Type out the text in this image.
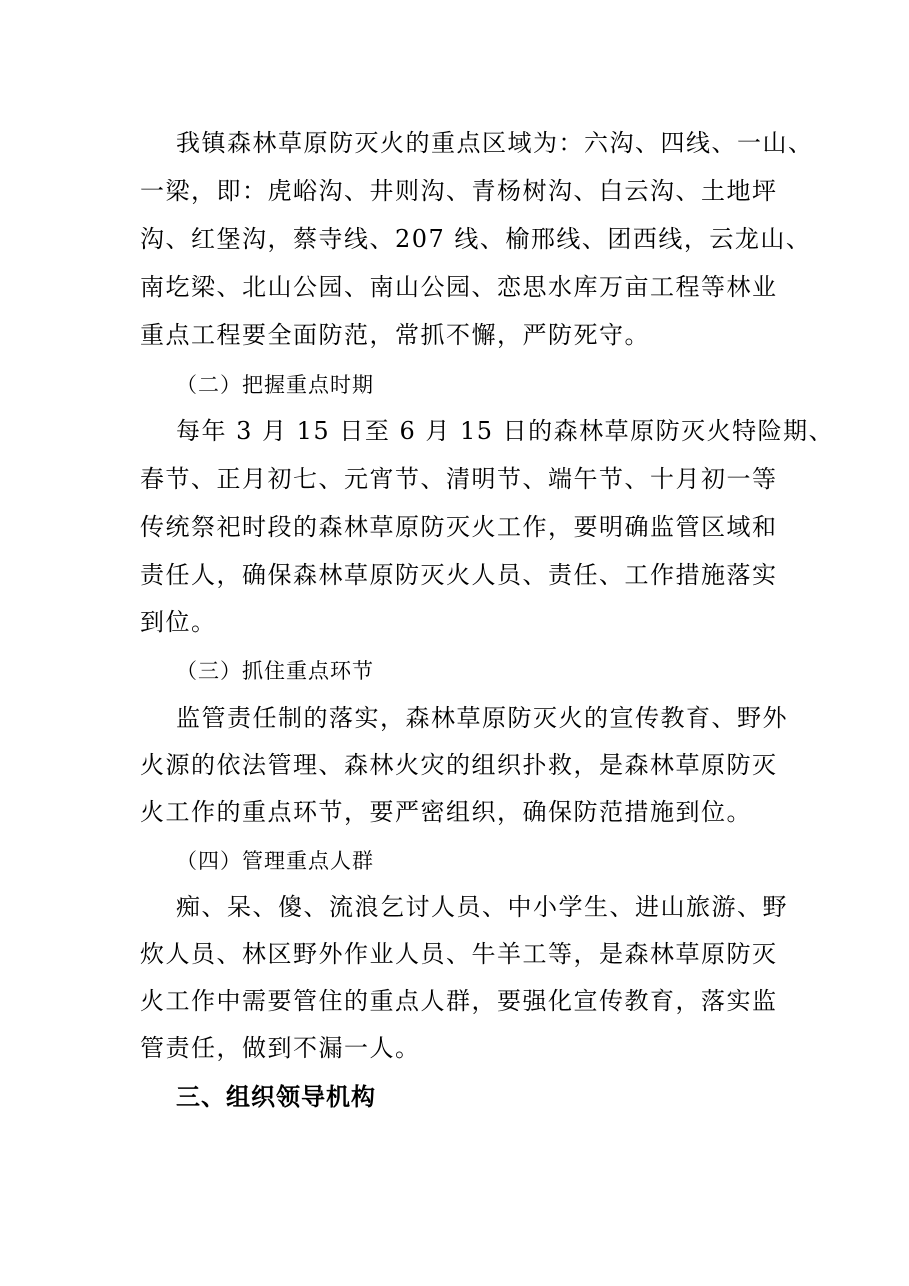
我镇森林草原防灭火的重点区域为：六沟、四线、一山、
一梁，即：虎峪沟、井则沟、青杨树沟、白云沟、土地坪
沟、红堡沟，蔡寺线、207 线、榆邢线、团西线，云龙山、
南圪梁、北山公园、南山公园、恋思水库万亩工程等林业
重点工程要全面防范，常抓不懈，严防死守。
（二）把握重点时期
每年 3 月 15 日至 6 月 15 日的森林草原防灭火特险期、
春节、正月初七、元宵节、清明节、端午节、十月初一等
传统祭祀时段的森林草原防灭火工作，要明确监管区域和
责任人，确保森林草原防灭火人员、责任、工作措施落实
到位。
（三）抓住重点环节
监管责任制的落实，森林草原防灭火的宣传教育、野外
火源的依法管理、森林火灾的组织扑救，是森林草原防灭
火工作的重点环节，要严密组织，确保防范措施到位。
（四）管理重点人群
痴、呆、傻、流浪乞讨人员、中小学生、进山旅游、野
炊人员、林区野外作业人员、牛羊工等，是森林草原防灭
火工作中需要管住的重点人群，要强化宣传教育，落实监
管责任，做到不漏一人。
三、组织领导机构
